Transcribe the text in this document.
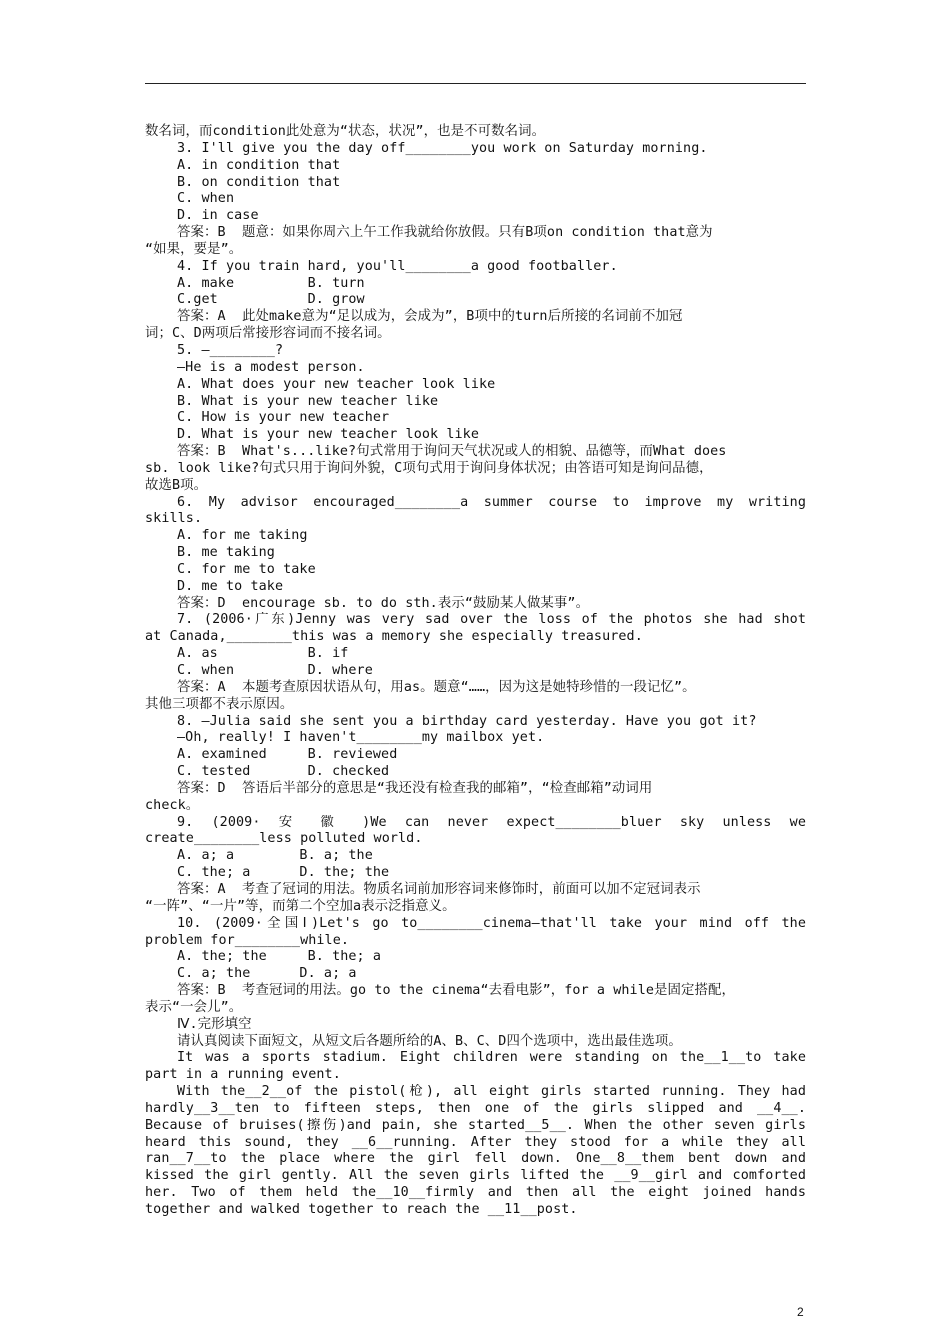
数名词，而condition此处意为“状态，状况”，也是不可数名词。
3. I'll give you the day off________you work on Saturday morning.
A. in condition that
B. on condition that
C. when
D. in case
答案：B  题意：如果你周六上午工作我就给你放假。只有B项on condition that意为
“如果，要是”。
4. If you train hard, you'll________a good footballer.
A. make         B. turn
C.get           D. grow
答案：A  此处make意为“足以成为，会成为”，B项中的turn后所接的名词前不加冠
词；C、D两项后常接形容词而不接名词。
5. —________?
—He is a modest person.
A. What does your new teacher look like
B. What is your new teacher like
C. How is your new teacher
D. What is your new teacher look like
答案：B  What's...like?句式常用于询问天气状况或人的相貌、品德等，而What does
sb. look like?句式只用于询问外貌，C项句式用于询问身体状况；由答语可知是询问品德，
故选B项。
6. My advisor encouraged________a summer course to improve my writing
skills.
A. for me taking
B. me taking
C. for me to take
D. me to take
答案：D  encourage sb. to do sth.表示“鼓励某人做某事”。
7. (2006·广东)Jenny was very sad over the loss of the photos she had shot
at Canada,________this was a memory she especially treasured.
A. as           B. if
C. when         D. where
答案：A  本题考查原因状语从句，用as。题意“……，因为这是她特珍惜的一段记忆”。
其他三项都不表示原因。
8. —Julia said she sent you a birthday card yesterday. Have you got it?
—Oh, really! I haven't________my mailbox yet.
A. examined     B. reviewed
C. tested       D. checked
答案：D  答语后半部分的意思是“我还没有检查我的邮箱”，“检查邮箱”动词用
check。
9. (2009· 安 徽 )We can never expect________bluer sky unless we
create________less polluted world.
A. a; a        B. a; the
C. the; a      D. the; the
答案：A  考查了冠词的用法。物质名词前加形容词来修饰时，前面可以加不定冠词表示
“一阵”、“一片”等，而第二个空加a表示泛指意义。
10. (2009·全国Ⅰ)Let's go to________cinema—that'll take your mind off the
problem for________while.
A. the; the     B. the; a
C. a; the      D. a; a
答案：B  考查冠词的用法。go to the cinema“去看电影”，for a while是固定搭配，
表示“一会儿”。
Ⅳ.完形填空
请认真阅读下面短文，从短文后各题所给的A、B、C、D四个选项中，选出最佳选项。
It was a sports stadium. Eight children were standing on the__1__to take
part in a running event.
With the__2__of the pistol(枪), all eight girls started running. They had
hardly__3__ten to fifteen steps, then one of the girls slipped and __4__.
Because of bruises(擦伤)and pain, she started__5__. When the other seven girls
heard this sound, they __6__running. After they stood for a while they all
ran__7__to the place where the girl fell down. One__8__them bent down and
kissed the girl gently. All the seven girls lifted the __9__girl and comforted
her. Two of them held the__10__firmly and then all the eight joined hands
together and walked together to reach the __11__post.
2
